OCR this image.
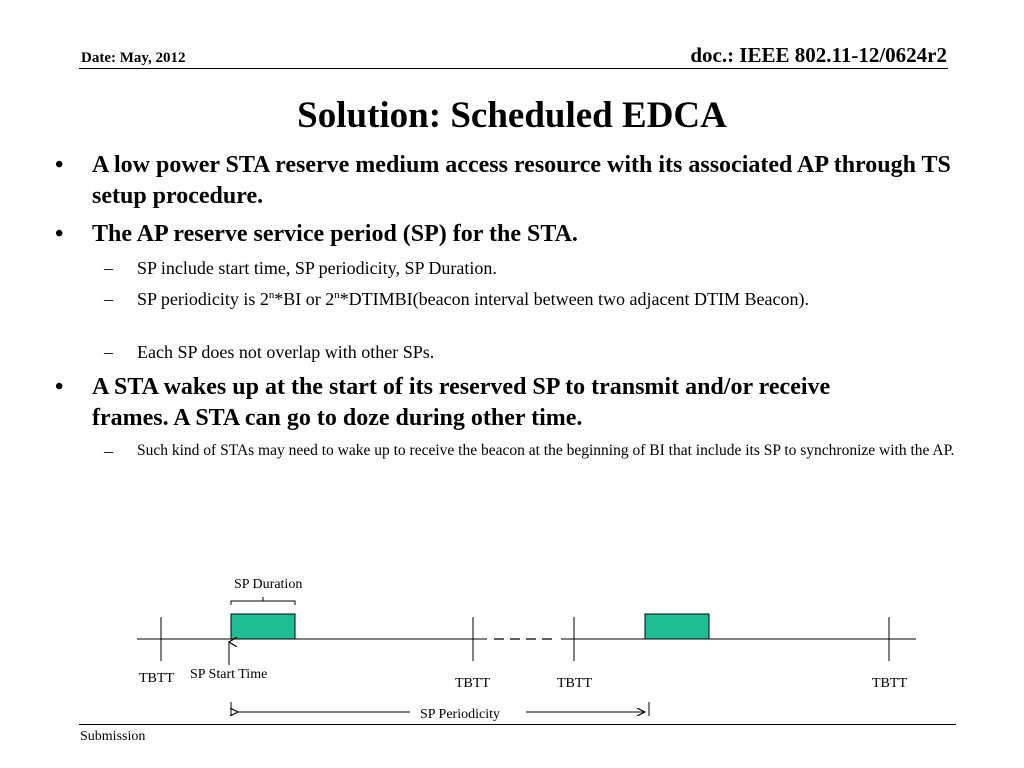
Date: May, 2012	doc.: IEEE 802.11-12/0624r2
Solution: Scheduled EDCA
• A low power STA reserve medium access resource with its associated AP through TS setup procedure.
• The AP reserve service period (SP) for the STA.
– SP include start time, SP periodicity, SP Duration.
– SP periodicity is 2$^n$*BI or 2$^n$*DTIMBI(beacon interval between two adjacent DTIM Beacon).
– Each SP does not overlap with other SPs.
• A STA wakes up at the start of its reserved SP to transmit and/or receive frames. A STA can go to doze during other time.
– Such kind of STAs may need to wake up to receive the beacon at the beginning of BI that include its SP to synchronize with the AP.
SP Duration
SP Start Time
TBTT	TBTT	TBTT	TBTT
SP Periodicity
Submission
